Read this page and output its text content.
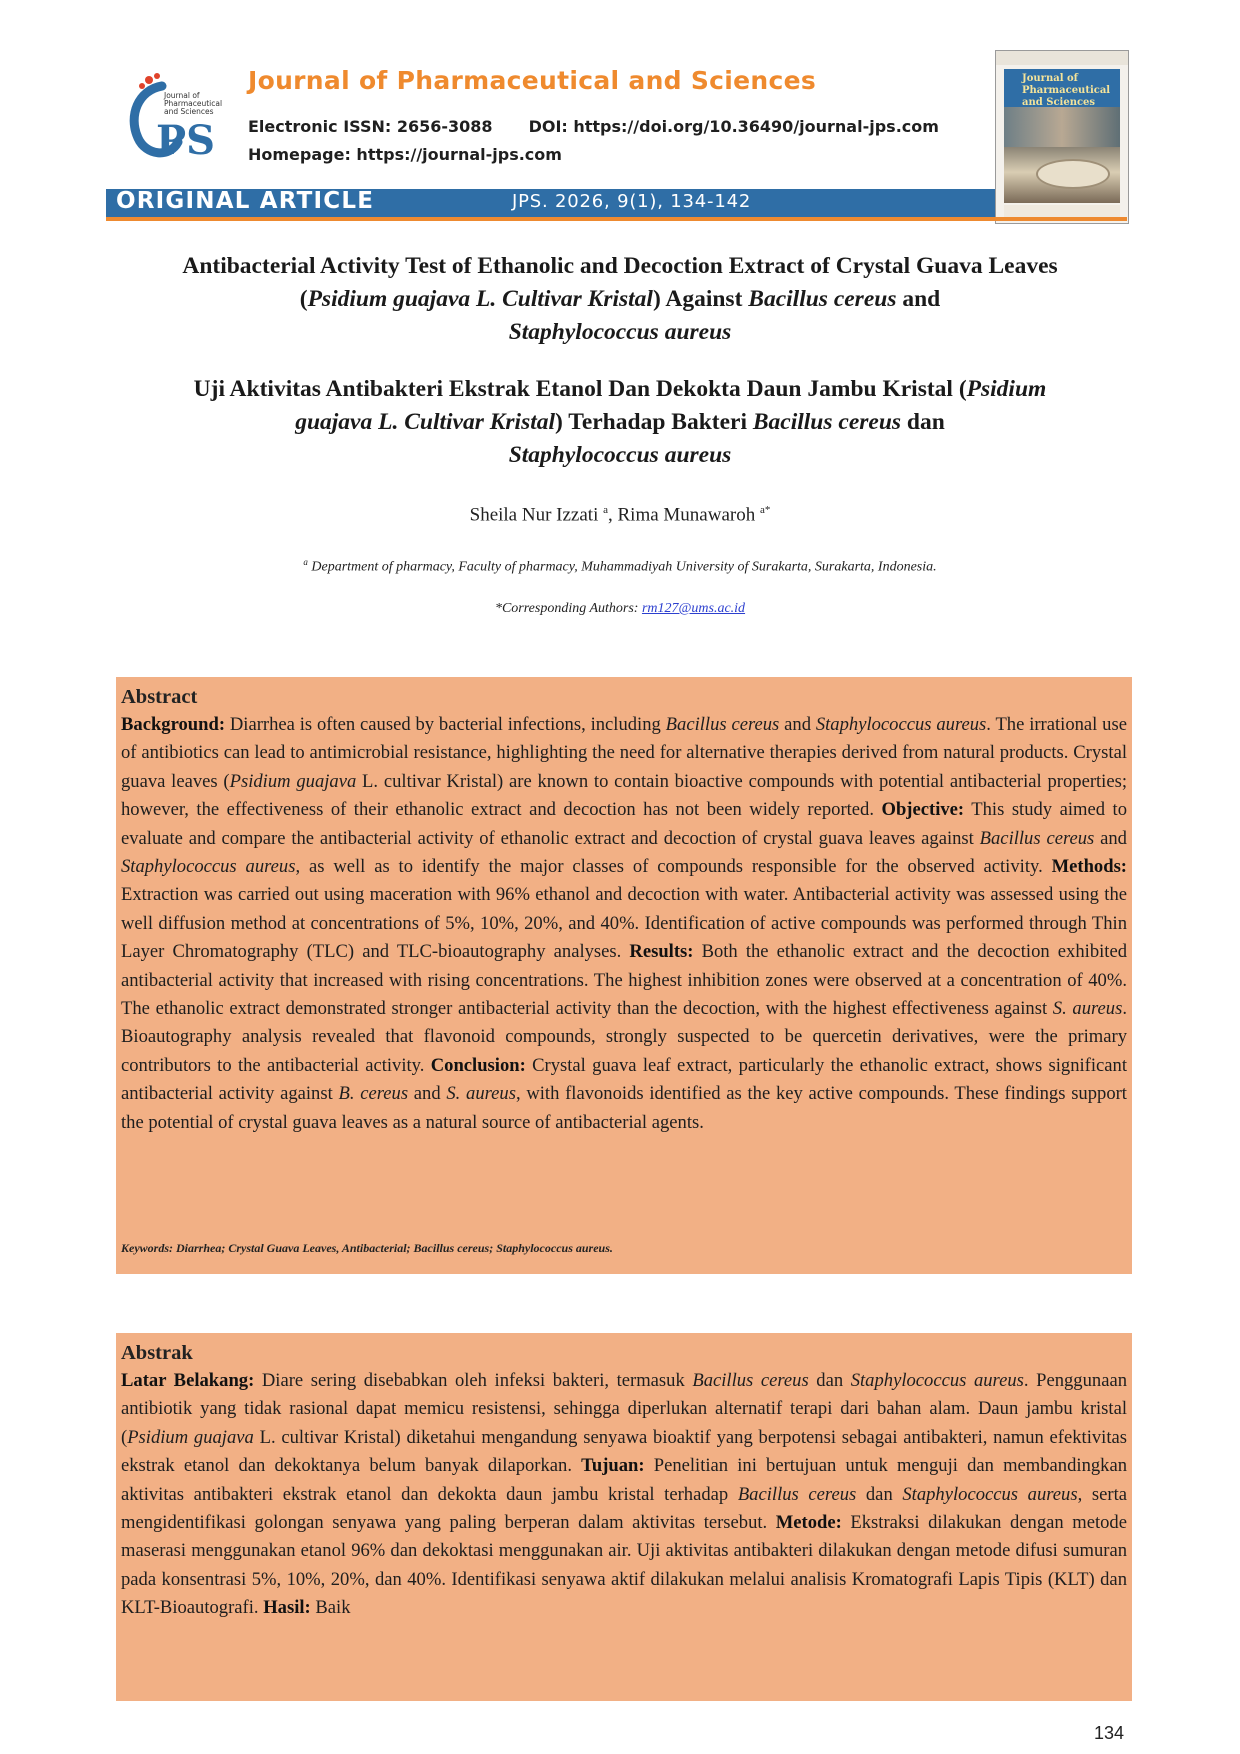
PS
Journal of Pharmaceutical and Sciences
Journal of Pharmaceutical and Sciences
Electronic ISSN: 2656-3088 DOI: https://doi.org/10.36490/journal-jps.com
Homepage: https://journal-jps.com
Journal of Pharmaceutical and Sciences
ORIGINAL ARTICLE	JPS. 2026, 9(1), 134-142
Antibacterial Activity Test of Ethanolic and Decoction Extract of Crystal Guava Leaves
(Psidium guajava L. Cultivar Kristal) Against Bacillus cereus and
Staphylococcus aureus
Uji Aktivitas Antibakteri Ekstrak Etanol Dan Dekokta Daun Jambu Kristal (Psidium
guajava L. Cultivar Kristal) Terhadap Bakteri Bacillus cereus dan
Staphylococcus aureus
Sheila Nur Izzati $^a$, Rima Munawaroh $^{a*}$
$^a$ Department of pharmacy, Faculty of pharmacy, Muhammadiyah University of Surakarta, Surakarta, Indonesia.
*Corresponding Authors: rm127@ums.ac.id
Abstract
Background: Diarrhea is often caused by bacterial infections, including Bacillus cereus and Staphylococcus aureus. The irrational use of antibiotics can lead to antimicrobial resistance, highlighting the need for alternative therapies derived from natural products. Crystal guava leaves (Psidium guajava L. cultivar Kristal) are known to contain bioactive compounds with potential antibacterial properties; however, the effectiveness of their ethanolic extract and decoction has not been widely reported. Objective: This study aimed to evaluate and compare the antibacterial activity of ethanolic extract and decoction of crystal guava leaves against Bacillus cereus and Staphylococcus aureus, as well as to identify the major classes of compounds responsible for the observed activity. Methods: Extraction was carried out using maceration with 96% ethanol and decoction with water. Antibacterial activity was assessed using the well diffusion method at concentrations of 5%, 10%, 20%, and 40%. Identification of active compounds was performed through Thin Layer Chromatography (TLC) and TLC-bioautography analyses. Results: Both the ethanolic extract and the decoction exhibited antibacterial activity that increased with rising concentrations. The highest inhibition zones were observed at a concentration of 40%. The ethanolic extract demonstrated stronger antibacterial activity than the decoction, with the highest effectiveness against S. aureus. Bioautography analysis revealed that flavonoid compounds, strongly suspected to be quercetin derivatives, were the primary contributors to the antibacterial activity. Conclusion: Crystal guava leaf extract, particularly the ethanolic extract, shows significant antibacterial activity against B. cereus and S. aureus, with flavonoids identified as the key active compounds. These findings support the potential of crystal guava leaves as a natural source of antibacterial agents.
Keywords: Diarrhea; Crystal Guava Leaves, Antibacterial; Bacillus cereus; Staphylococcus aureus.
Abstrak
Latar Belakang: Diare sering disebabkan oleh infeksi bakteri, termasuk Bacillus cereus dan Staphylococcus aureus. Penggunaan antibiotik yang tidak rasional dapat memicu resistensi, sehingga diperlukan alternatif terapi dari bahan alam. Daun jambu kristal (Psidium guajava L. cultivar Kristal) diketahui mengandung senyawa bioaktif yang berpotensi sebagai antibakteri, namun efektivitas ekstrak etanol dan dekoktanya belum banyak dilaporkan. Tujuan: Penelitian ini bertujuan untuk menguji dan membandingkan aktivitas antibakteri ekstrak etanol dan dekokta daun jambu kristal terhadap Bacillus cereus dan Staphylococcus aureus, serta mengidentifikasi golongan senyawa yang paling berperan dalam aktivitas tersebut. Metode: Ekstraksi dilakukan dengan metode maserasi menggunakan etanol 96% dan dekoktasi menggunakan air. Uji aktivitas antibakteri dilakukan dengan metode difusi sumuran pada konsentrasi 5%, 10%, 20%, dan 40%. Identifikasi senyawa aktif dilakukan melalui analisis Kromatografi Lapis Tipis (KLT) dan KLT-Bioautografi. Hasil: Baik
134
